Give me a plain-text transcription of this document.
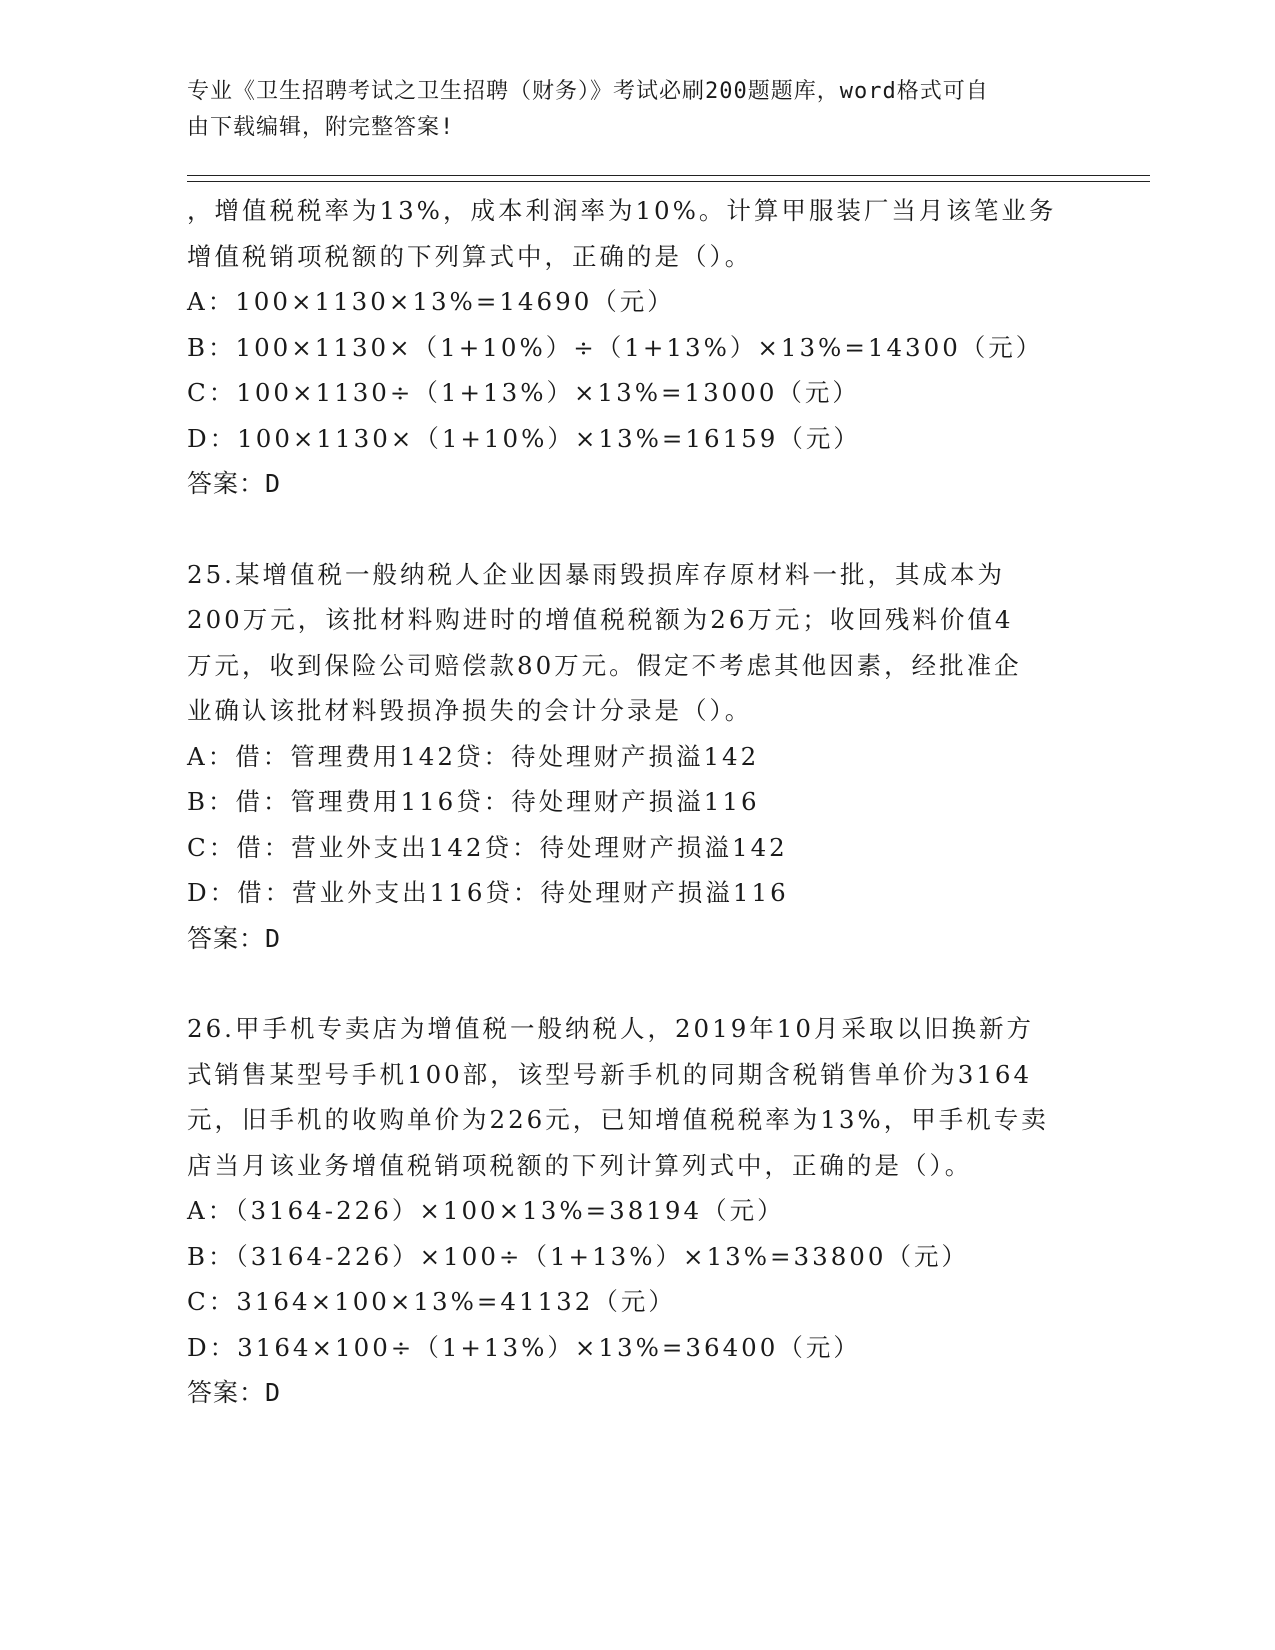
专业《卫生招聘考试之卫生招聘（财务）》考试必刷200题题库，word格式可自
由下载编辑，附完整答案!
，增值税税率为13%，成本利润率为10%。计算甲服装厂当月该笔业务
增值税销项税额的下列算式中，正确的是（）。
A：100×1130×13%=14690（元）
B：100×1130×（1+10%）÷（1+13%）×13%=14300（元）
C：100×1130÷（1+13%）×13%=13000（元）
D：100×1130×（1+10%）×13%=16159（元）
答案：D
25.某增值税一般纳税人企业因暴雨毁损库存原材料一批，其成本为
200万元，该批材料购进时的增值税税额为26万元；收回残料价值4
万元，收到保险公司赔偿款80万元。假定不考虑其他因素，经批准企
业确认该批材料毁损净损失的会计分录是（）。
A：借：管理费用142贷：待处理财产损溢142
B：借：管理费用116贷：待处理财产损溢116
C：借：营业外支出142贷：待处理财产损溢142
D：借：营业外支出116贷：待处理财产损溢116
答案：D
26.甲手机专卖店为增值税一般纳税人，2019年10月采取以旧换新方
式销售某型号手机100部，该型号新手机的同期含税销售单价为3164
元，旧手机的收购单价为226元，已知增值税税率为13%，甲手机专卖
店当月该业务增值税销项税额的下列计算列式中，正确的是（）。
A：（3164-226）×100×13%=38194（元）
B：（3164-226）×100÷（1+13%）×13%=33800（元）
C：3164×100×13%=41132（元）
D：3164×100÷（1+13%）×13%=36400（元）
答案：D
